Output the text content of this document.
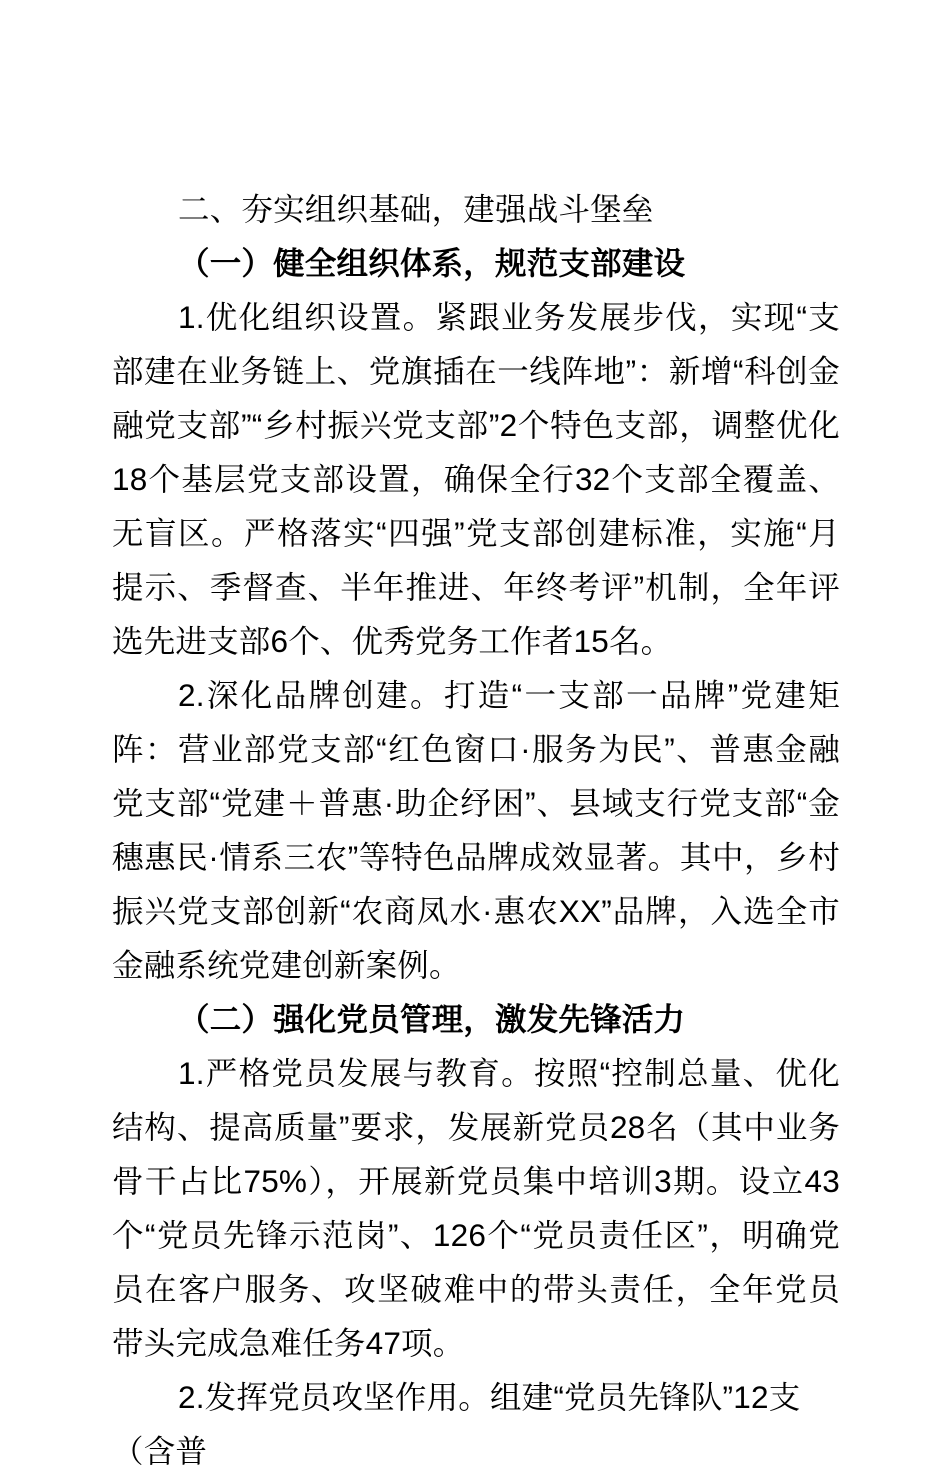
二、夯实组织基础，建强战斗堡垒

（一）健全组织体系，规范支部建设

1.优化组织设置。紧跟业务发展步伐，实现“支部建在业务链上、党旗插在一线阵地”：新增“科创金融党支部”“乡村振兴党支部”2个特色支部，调整优化18个基层党支部设置，确保全行32个支部全覆盖、无盲区。严格落实“四强”党支部创建标准，实施“月提示、季督查、半年推进、年终考评”机制，全年评选先进支部6个、优秀党务工作者15名。

2.深化品牌创建。打造“一支部一品牌”党建矩阵：营业部党支部“红色窗口·服务为民”、普惠金融党支部“党建＋普惠·助企纾困”、县域支行党支部“金穗惠民·情系三农”等特色品牌成效显著。其中，乡村振兴党支部创新“农商凤水·惠农XX”品牌，入选全市金融系统党建创新案例。

（二）强化党员管理，激发先锋活力

1.严格党员发展与教育。按照“控制总量、优化结构、提高质量”要求，发展新党员28名（其中业务骨干占比75%），开展新党员集中培训3期。设立43个“党员先锋示范岗”、126个“党员责任区”，明确党员在客户服务、攻坚破难中的带头责任，全年党员带头完成急难任务47项。

2.发挥党员攻坚作用。组建“党员先锋队”12支（含普
